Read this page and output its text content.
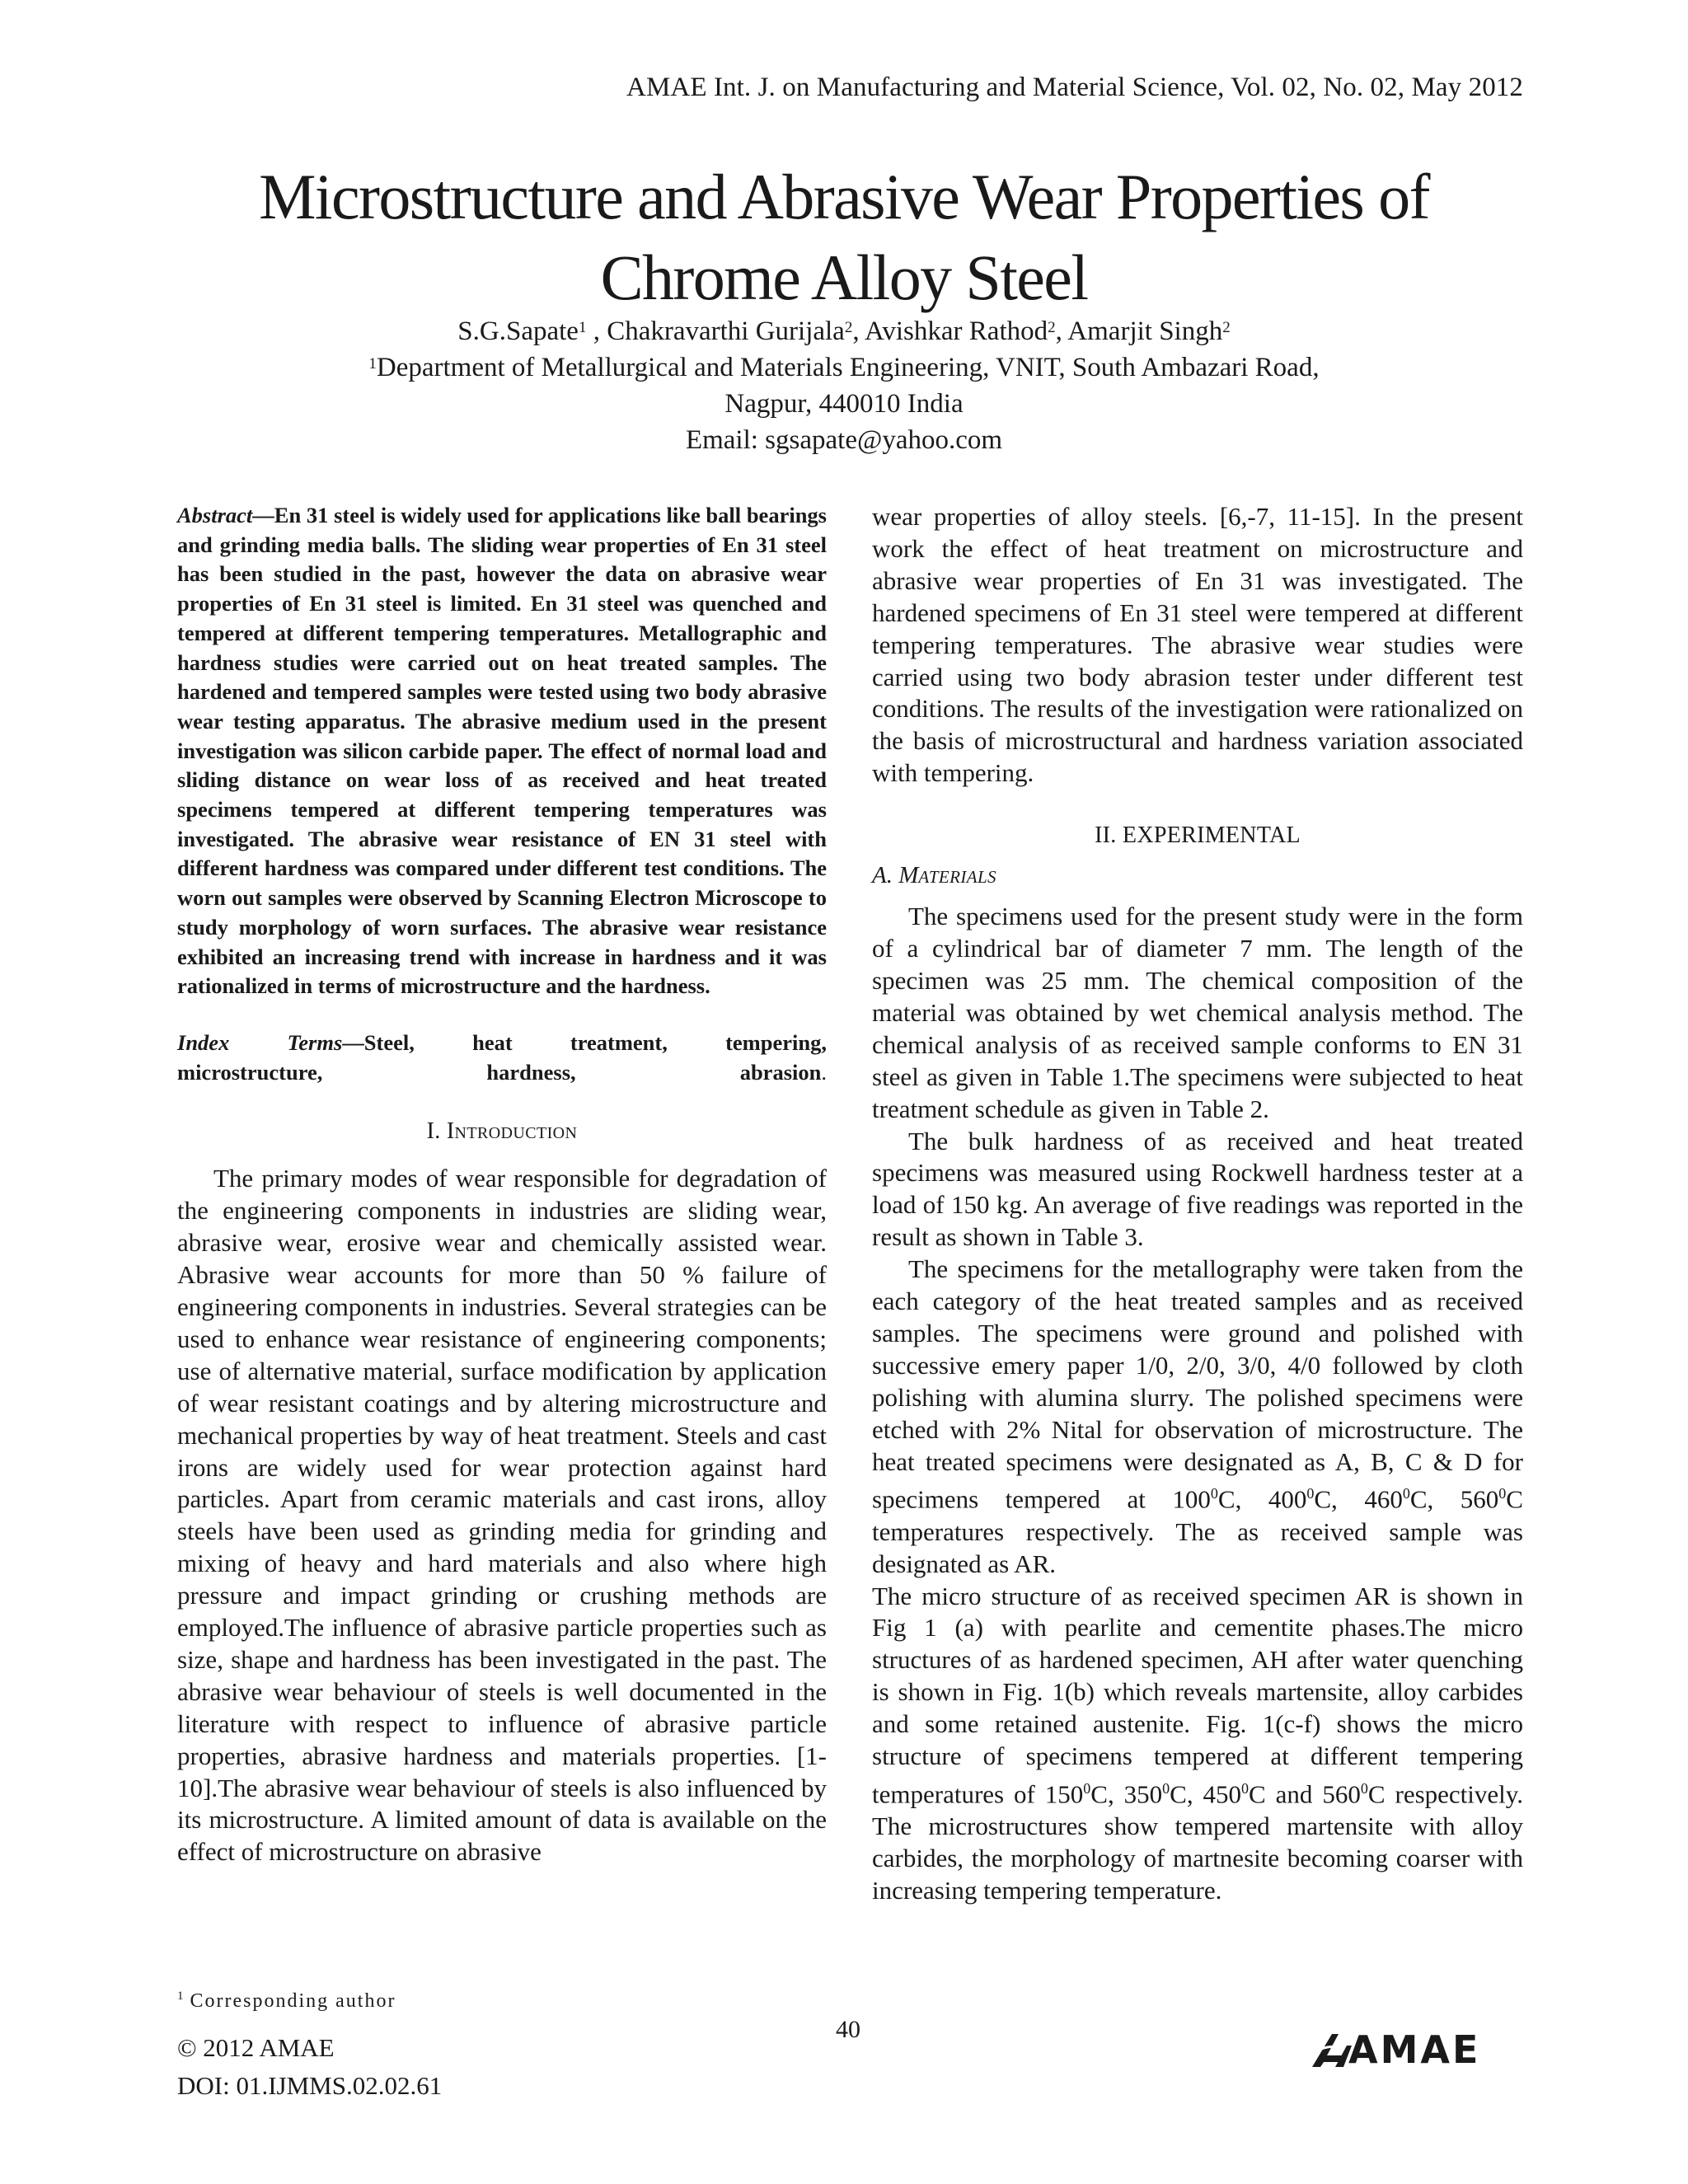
AMAE Int. J. on Manufacturing and Material Science, Vol. 02, No. 02, May 2012
Microstructure and Abrasive Wear Properties of
Chrome Alloy Steel
S.G.Sapate$^1$ , Chakravarthi Gurijala$^2$, Avishkar Rathod$^2$, Amarjit Singh$^2$
$^1$Department of Metallurgical and Materials Engineering, VNIT, South Ambazari Road,
Nagpur, 440010 India
Email: sgsapate@yahoo.com

Abstract—En 31 steel is widely used for applications like ball bearings and grinding media balls. The sliding wear properties of En 31 steel has been studied in the past, however the data on abrasive wear properties of En 31 steel is limited. En 31 steel was quenched and tempered at different tempering temperatures. Metallographic and hardness studies were carried out on heat treated samples. The hardened and tempered samples were tested using two body abrasive wear testing apparatus. The abrasive medium used in the present investigation was silicon carbide paper. The effect of normal load and sliding distance on wear loss of as received and heat treated specimens tempered at different tempering temperatures was investigated. The abrasive wear resistance of EN 31 steel with different hardness was compared under different test conditions. The worn out samples were observed by Scanning Electron Microscope to study morphology of worn surfaces. The abrasive wear resistance exhibited an increasing trend with increase in hardness and it was rationalized in terms of microstructure and the hardness.

Index Terms—Steel, heat treatment, tempering,
microstructure, hardness, abrasion.

I. INTRODUCTION

The primary modes of wear responsible for degradation of the engineering components in industries are sliding wear, abrasive wear, erosive wear and chemically assisted wear. Abrasive wear accounts for more than 50 % failure of engineering components in industries. Several strategies can be used to enhance wear resistance of engineering components; use of alternative material, surface modification by application of wear resistant coatings and by altering microstructure and mechanical properties by way of heat treatment. Steels and cast irons are widely used for wear protection against hard particles. Apart from ceramic materials and cast irons, alloy steels have been used as grinding media for grinding and mixing of heavy and hard materials and also where high pressure and impact grinding or crushing methods are employed.The influence of abrasive particle properties such as size, shape and hardness has been investigated in the past. The abrasive wear behaviour of steels is well documented in the literature with respect to influence of abrasive particle properties, abrasive hardness and materials properties. [1-10].The abrasive wear behaviour of steels is also influenced by its microstructure. A limited amount of data is available on the effect of microstructure on abrasive

wear properties of alloy steels. [6,-7, 11-15]. In the present work the effect of heat treatment on microstructure and abrasive wear properties of En 31 was investigated. The hardened specimens of En 31 steel were tempered at different tempering temperatures. The abrasive wear studies were carried using two body abrasion tester under different test conditions. The results of the investigation were rationalized on the basis of microstructural and hardness variation associated with tempering.

II. EXPERIMENTAL
A. MATERIALS

The specimens used for the present study were in the form of a cylindrical bar of diameter 7 mm. The length of the specimen was 25 mm. The chemical composition of the material was obtained by wet chemical analysis method. The chemical analysis of as received sample conforms to EN 31 steel as given in Table 1.The specimens were subjected to heat treatment schedule as given in Table 2.

The bulk hardness of as received and heat treated specimens was measured using Rockwell hardness tester at a load of 150 kg. An average of five readings was reported in the result as shown in Table 3.

The specimens for the metallography were taken from the each category of the heat treated samples and as received samples. The specimens were ground and polished with successive emery paper 1/0, 2/0, 3/0, 4/0 followed by cloth polishing with alumina slurry. The polished specimens were etched with 2% Nital for observation of microstructure. The heat treated specimens were designated as A, B, C & D for specimens tempered at $100^0C$, $400^0C$, $460^0C$, $560^0C$ temperatures respectively. The as received sample was designated as AR.

The micro structure of as received specimen AR is shown in Fig 1 (a) with pearlite and cementite phases.The micro structures of as hardened specimen, AH after water quenching is shown in Fig. 1(b) which reveals martensite, alloy carbides and some retained austenite. Fig. 1(c-f) shows the micro structure of specimens tempered at different tempering temperatures of $150^0C$, $350^0C$, $450^0C$ and $560^0C$ respectively. The microstructures show tempered martensite with alloy carbides, the morphology of martnesite becoming coarser with increasing tempering temperature.

$^1$ Corresponding author
© 2012 AMAE
DOI: 01.IJMMS.02.02.61
40	AMAE
